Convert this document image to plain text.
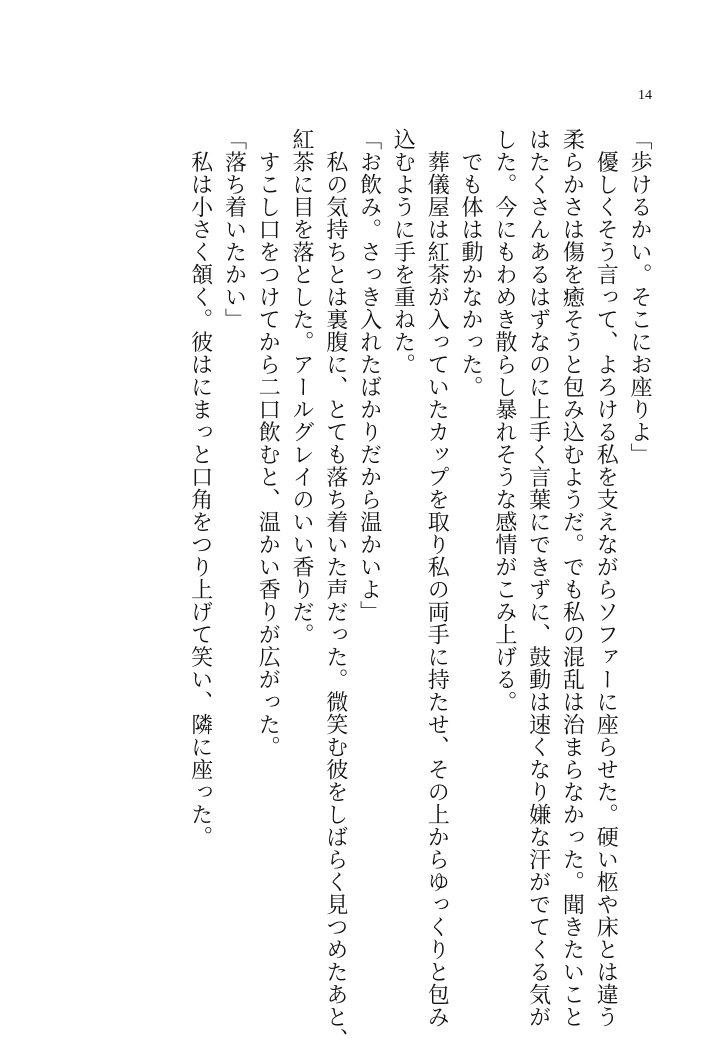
14
「歩けるかい。そこにお座りよ」
　優しくそう言って、よろける私を支えながらソファーに座らせた。硬い柩や床とは違う
柔らかさは傷を癒そうと包み込むようだ。でも私の混乱は治まらなかった。聞きたいこと
はたくさんあるはずなのに上手く言葉にできずに、鼓動は速くなり嫌な汗がでてくる気が
した。今にもわめき散らし暴れそうな感情がこみ上げる。
　でも体は動かなかった。
　葬儀屋は紅茶が入っていたカップを取り私の両手に持たせ、その上からゆっくりと包み
込むように手を重ねた。
「お飲み。さっき入れたばかりだから温かいよ」
　私の気持ちとは裏腹に、とても落ち着いた声だった。微笑む彼をしばらく見つめたあと、
紅茶に目を落とした。アールグレイのいい香りだ。
　すこし口をつけてから二口飲むと、温かい香りが広がった。
「落ち着いたかい」
　私は小さく頷く。彼はにまっと口角をつり上げて笑い、隣に座った。
